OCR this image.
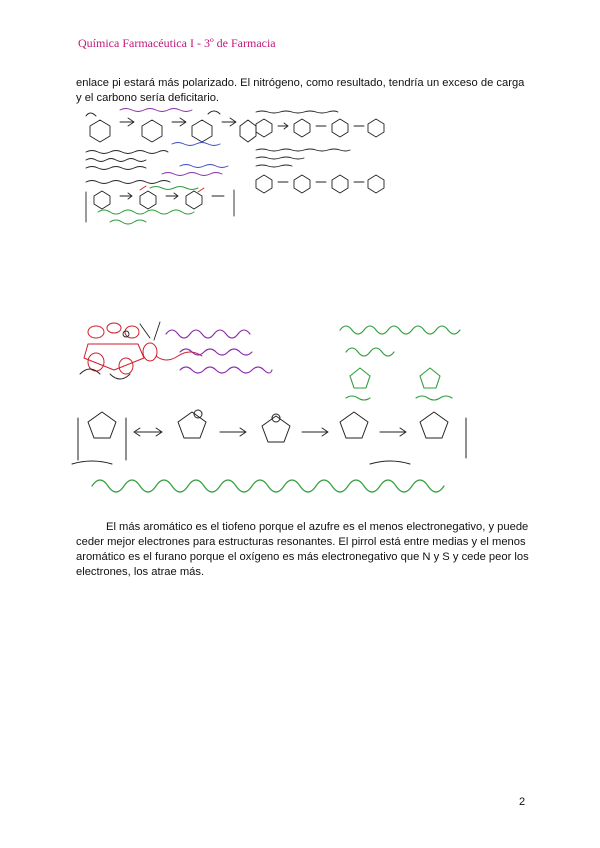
Química Farmacéutica I - 3º de Farmacia
enlace pi estará más polarizado. El nitrógeno, como resultado, tendría un exceso de carga y el carbono sería deficitario.
El más aromático es el tiofeno porque el azufre es el menos electronegativo, y puede ceder mejor electrones para estructuras resonantes. El pirrol está entre medias y el menos aromático es el furano porque el oxígeno es más electronegativo que N y S y cede peor los electrones, los atrae más.
2
